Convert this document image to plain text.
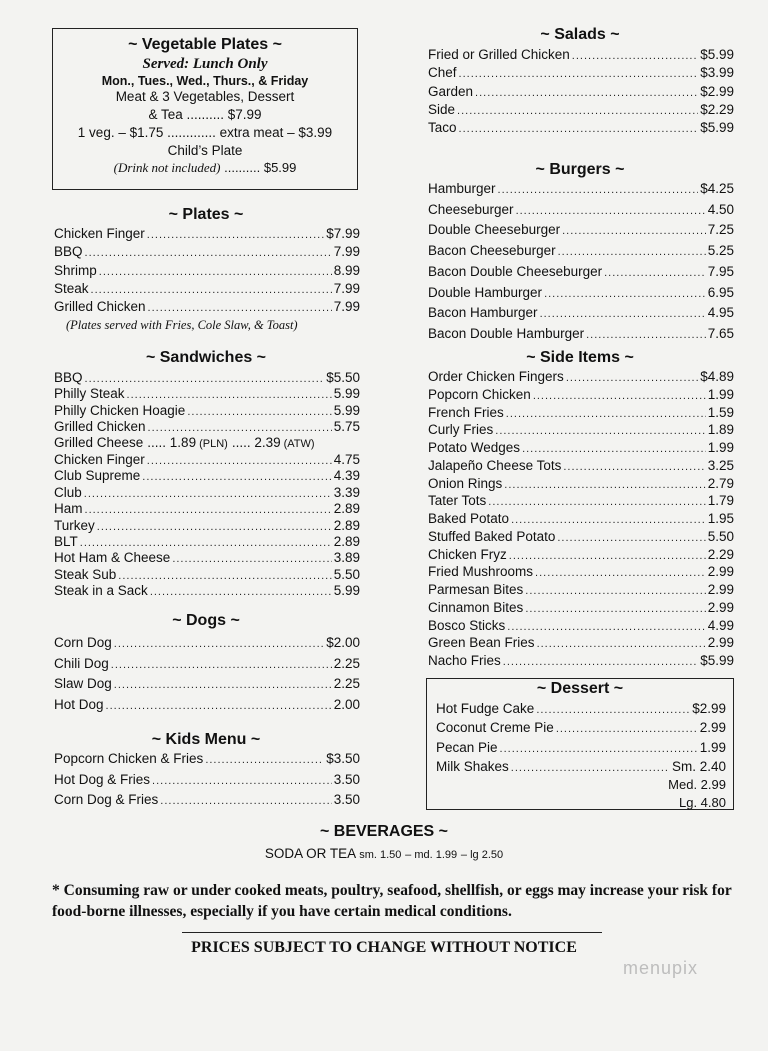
~ Vegetable Plates ~
Served: Lunch Only
Mon., Tues., Wed., Thurs., & Friday
Meat & 3 Vegetables, Dessert
& Tea .......... $7.99
1 veg. – $1.75 ............. extra meat – $3.99
Child’s Plate
(Drink not included) .......... $5.99
~ Plates ~
Chicken Finger .....	$7.99
BBQ .....	7.99
Shrimp .....	8.99
Steak .....	7.99
Grilled Chicken .....	7.99
(Plates served with Fries, Cole Slaw, & Toast)
~ Sandwiches ~
BBQ .....	$5.50
Philly Steak .....	5.99
Philly Chicken Hoagie .....	5.99
Grilled Chicken .....	5.75
Chicken Finger .....	4.75
Club Supreme .....	4.39
Club .....	3.39
Ham .....	2.89
Turkey .....	2.89
BLT .....	2.89
Hot Ham & Cheese .....	3.89
Steak Sub .....	5.50
Steak in a Sack .....	5.99
Grilled Cheese ..... 1.89 (PLN) ..... 2.39 (ATW)
~ Dogs ~
Corn Dog .....	$2.00
Chili Dog .....	2.25
Slaw Dog .....	2.25
Hot Dog .....	2.00
~ Kids Menu ~
Popcorn Chicken & Fries .....	$3.50
Hot Dog & Fries .....	3.50
Corn Dog & Fries .....	3.50
~ Salads ~
Fried or Grilled Chicken .....	$5.99
Chef .....	$3.99
Garden .....	$2.99
Side .....	$2.29
Taco .....	$5.99
~ Burgers ~
Hamburger .....	$4.25
Cheeseburger .....	4.50
Double Cheeseburger .....	7.25
Bacon Cheeseburger .....	5.25
Bacon Double Cheeseburger .....	7.95
Double Hamburger .....	6.95
Bacon Hamburger .....	4.95
Bacon Double Hamburger .....	7.65
~ Side Items ~
Order Chicken Fingers .....	$4.89
Popcorn Chicken .....	1.99
French Fries .....	1.59
Curly Fries .....	1.89
Potato Wedges .....	1.99
Jalapeño Cheese Tots .....	3.25
Onion Rings .....	2.79
Tater Tots .....	1.79
Baked Potato .....	1.95
Stuffed Baked Potato .....	5.50
Chicken Fryz .....	2.29
Fried Mushrooms .....	2.99
Parmesan Bites .....	2.99
Cinnamon Bites .....	2.99
Bosco Sticks .....	4.99
Green Bean Fries .....	2.99
Nacho Fries .....	$5.99
~ Dessert ~
Hot Fudge Cake .....	$2.99
Coconut Creme Pie .....	2.99
Pecan Pie .....	1.99
Milk Shakes .....	Sm. 2.40
Med. 2.99
Lg. 4.80
~ BEVERAGES ~
SODA OR TEA sm. 1.50 – md. 1.99 – lg 2.50
* Consuming raw or under cooked meats, poultry, seafood, shellfish, or eggs may increase your risk for food-borne illnesses, especially if you have certain medical conditions.
PRICES SUBJECT TO CHANGE WITHOUT NOTICE
menupix
